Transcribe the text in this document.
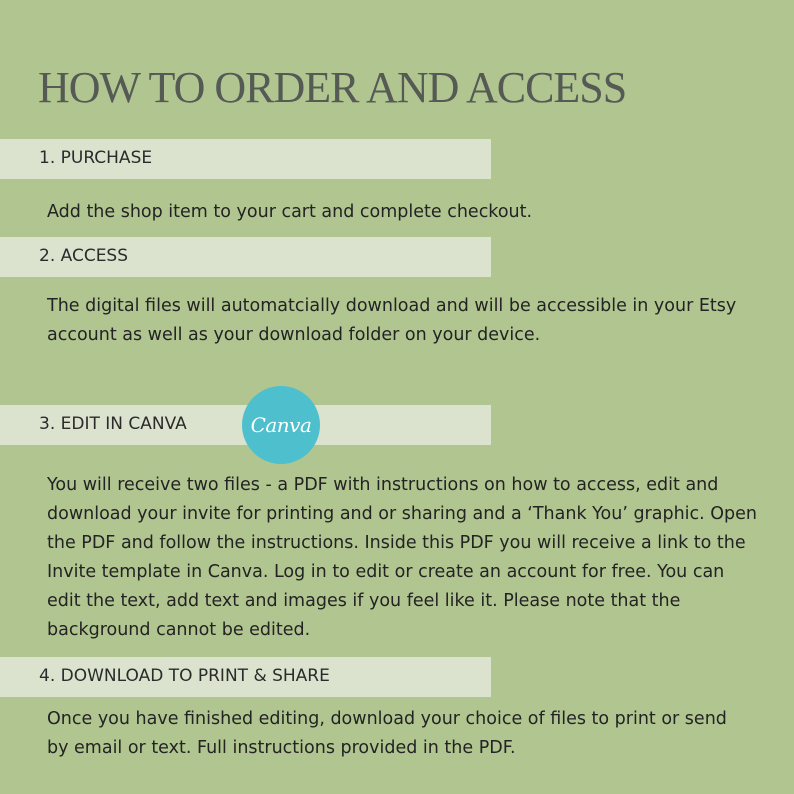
HOW TO ORDER AND ACCESS
1. PURCHASE

Add the shop item to your cart and complete checkout.

2. ACCESS

The digital files will automatcially download and will be accessible in your Etsy account as well as your download folder on your device.

3. EDIT IN CANVA	Canva

You will receive two files - a PDF with instructions on how to access, edit and download your invite for printing and or sharing and a ‘Thank You’ graphic. Open the PDF and follow the instructions. Inside this PDF you will receive a link to the Invite template in Canva. Log in to edit or create an account for free. You can edit the text, add text and images if you feel like it. Please note that the background cannot be edited.

4. DOWNLOAD TO PRINT & SHARE

Once you have finished editing, download your choice of files to print or send by email or text. Full instructions provided in the PDF.
